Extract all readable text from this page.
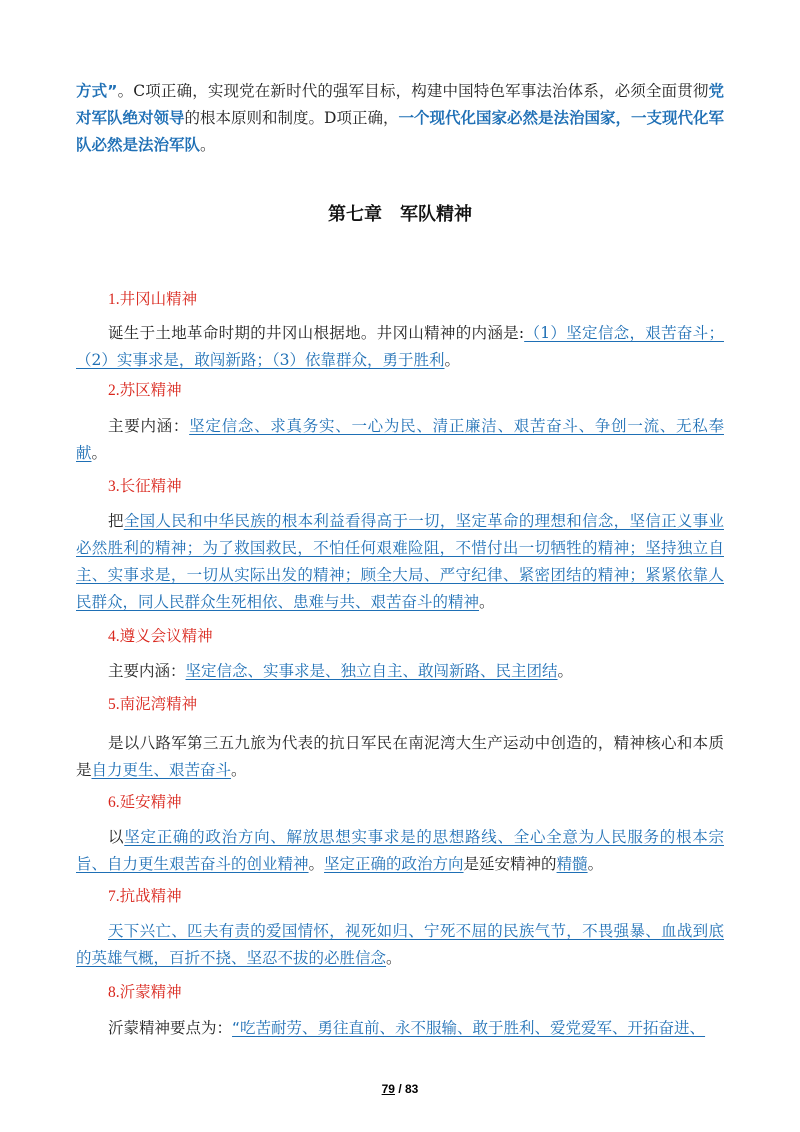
方式”。C项正确，实现党在新时代的强军目标，构建中国特色军事法治体系，必须全面贯彻党对军队绝对领导的根本原则和制度。D项正确，一个现代化国家必然是法治国家，一支现代化军队必然是法治军队。

第七章　军队精神

1.井冈山精神

诞生于土地革命时期的井冈山根据地。井冈山精神的内涵是:（1）坚定信念，艰苦奋斗；（2）实事求是，敢闯新路；（3）依靠群众，勇于胜利。

2.苏区精神

主要内涵：坚定信念、求真务实、一心为民、清正廉洁、艰苦奋斗、争创一流、无私奉献。

3.长征精神

把全国人民和中华民族的根本利益看得高于一切，坚定革命的理想和信念，坚信正义事业必然胜利的精神；为了救国救民，不怕任何艰难险阻，不惜付出一切牺牲的精神；坚持独立自主、实事求是，一切从实际出发的精神；顾全大局、严守纪律、紧密团结的精神；紧紧依靠人民群众，同人民群众生死相依、患难与共、艰苦奋斗的精神。

4.遵义会议精神

主要内涵：坚定信念、实事求是、独立自主、敢闯新路、民主团结。

5.南泥湾精神

是以八路军第三五九旅为代表的抗日军民在南泥湾大生产运动中创造的，精神核心和本质是自力更生、艰苦奋斗。

6.延安精神

以坚定正确的政治方向、解放思想实事求是的思想路线、全心全意为人民服务的根本宗旨、自力更生艰苦奋斗的创业精神。坚定正确的政治方向是延安精神的精髓。

7.抗战精神

天下兴亡、匹夫有责的爱国情怀，视死如归、宁死不屈的民族气节，不畏强暴、血战到底的英雄气概，百折不挠、坚忍不拔的必胜信念。

8.沂蒙精神

沂蒙精神要点为：“吃苦耐劳、勇往直前、永不服输、敢于胜利、爱党爱军、开拓奋进、

79 / 83
